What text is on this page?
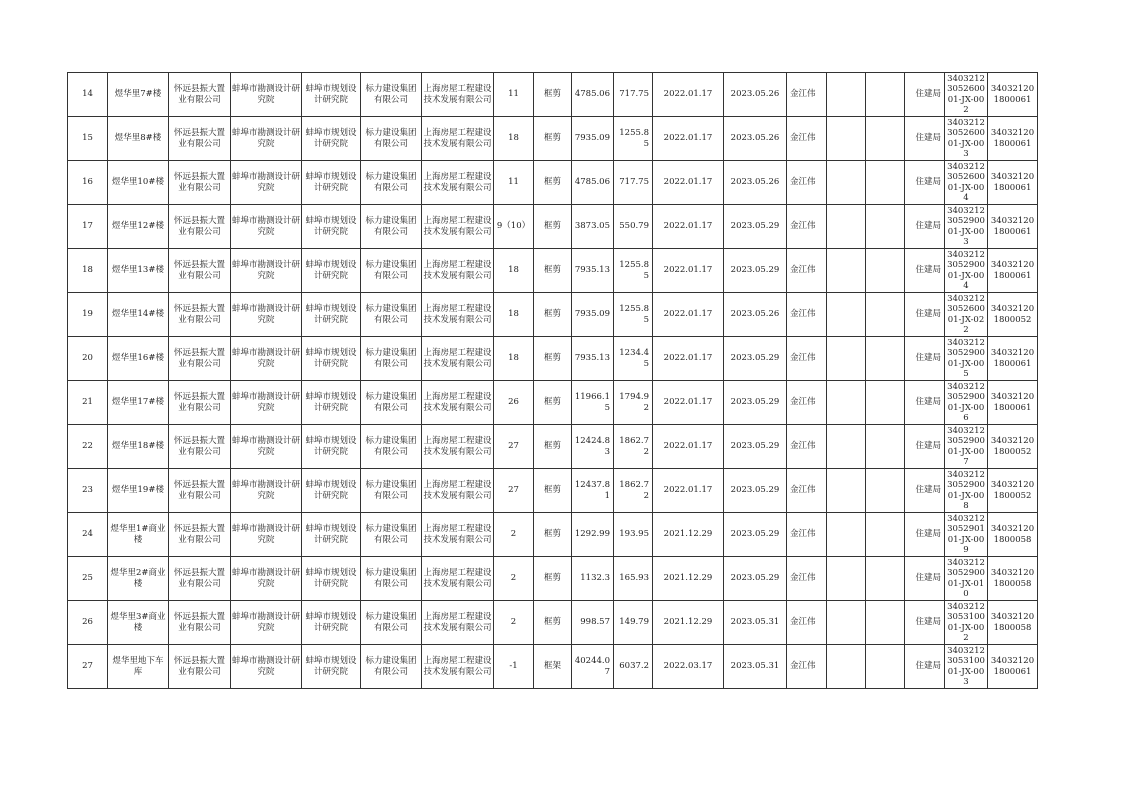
14	煜华里7#楼	怀远县振大置业有限公司	蚌埠市勘测设计研究院	蚌埠市规划设计研究院	标力建设集团有限公司	上海房屋工程建设技术发展有限公司	11	框剪	4785.06	717.75	2022.01.17	2023.05.26	金江伟			住建局	3403212305260001-JX-002	340321201800061
15	煜华里8#楼	怀远县振大置业有限公司	蚌埠市勘测设计研究院	蚌埠市规划设计研究院	标力建设集团有限公司	上海房屋工程建设技术发展有限公司	18	框剪	7935.09	1255.85	2022.01.17	2023.05.26	金江伟			住建局	3403212305260001-JX-003	340321201800061
16	煜华里10#楼	怀远县振大置业有限公司	蚌埠市勘测设计研究院	蚌埠市规划设计研究院	标力建设集团有限公司	上海房屋工程建设技术发展有限公司	11	框剪	4785.06	717.75	2022.01.17	2023.05.26	金江伟			住建局	3403212305260001-JX-004	340321201800061
17	煜华里12#楼	怀远县振大置业有限公司	蚌埠市勘测设计研究院	蚌埠市规划设计研究院	标力建设集团有限公司	上海房屋工程建设技术发展有限公司	9（10）	框剪	3873.05	550.79	2022.01.17	2023.05.29	金江伟			住建局	3403212305290001-JX-003	340321201800061
18	煜华里13#楼	怀远县振大置业有限公司	蚌埠市勘测设计研究院	蚌埠市规划设计研究院	标力建设集团有限公司	上海房屋工程建设技术发展有限公司	18	框剪	7935.13	1255.85	2022.01.17	2023.05.29	金江伟			住建局	3403212305290001-JX-004	340321201800061
19	煜华里14#楼	怀远县振大置业有限公司	蚌埠市勘测设计研究院	蚌埠市规划设计研究院	标力建设集团有限公司	上海房屋工程建设技术发展有限公司	18	框剪	7935.09	1255.85	2022.01.17	2023.05.26	金江伟			住建局	3403212305260001-JX-022	340321201800052
20	煜华里16#楼	怀远县振大置业有限公司	蚌埠市勘测设计研究院	蚌埠市规划设计研究院	标力建设集团有限公司	上海房屋工程建设技术发展有限公司	18	框剪	7935.13	1234.45	2022.01.17	2023.05.29	金江伟			住建局	3403212305290001-JX-005	340321201800061
21	煜华里17#楼	怀远县振大置业有限公司	蚌埠市勘测设计研究院	蚌埠市规划设计研究院	标力建设集团有限公司	上海房屋工程建设技术发展有限公司	26	框剪	11966.15	1794.92	2022.01.17	2023.05.29	金江伟			住建局	3403212305290001-JX-006	340321201800061
22	煜华里18#楼	怀远县振大置业有限公司	蚌埠市勘测设计研究院	蚌埠市规划设计研究院	标力建设集团有限公司	上海房屋工程建设技术发展有限公司	27	框剪	12424.83	1862.72	2022.01.17	2023.05.29	金江伟			住建局	3403212305290001-JX-007	340321201800052
23	煜华里19#楼	怀远县振大置业有限公司	蚌埠市勘测设计研究院	蚌埠市规划设计研究院	标力建设集团有限公司	上海房屋工程建设技术发展有限公司	27	框剪	12437.81	1862.72	2022.01.17	2023.05.29	金江伟			住建局	3403212305290001-JX-008	340321201800052
24	煜华里1#商业楼	怀远县振大置业有限公司	蚌埠市勘测设计研究院	蚌埠市规划设计研究院	标力建设集团有限公司	上海房屋工程建设技术发展有限公司	2	框剪	1292.99	193.95	2021.12.29	2023.05.29	金江伟			住建局	3403212305290101-JX-009	340321201800058
25	煜华里2#商业楼	怀远县振大置业有限公司	蚌埠市勘测设计研究院	蚌埠市规划设计研究院	标力建设集团有限公司	上海房屋工程建设技术发展有限公司	2	框剪	1132.3	165.93	2021.12.29	2023.05.29	金江伟			住建局	3403212305290001-JX-010	340321201800058
26	煜华里3#商业楼	怀远县振大置业有限公司	蚌埠市勘测设计研究院	蚌埠市规划设计研究院	标力建设集团有限公司	上海房屋工程建设技术发展有限公司	2	框剪	998.57	149.79	2021.12.29	2023.05.31	金江伟			住建局	3403212305310001-JX-002	340321201800058
27	煜华里地下车库	怀远县振大置业有限公司	蚌埠市勘测设计研究院	蚌埠市规划设计研究院	标力建设集团有限公司	上海房屋工程建设技术发展有限公司	-1	框架	40244.07	6037.2	2022.03.17	2023.05.31	金江伟			住建局	3403212305310001-JX-003	340321201800061
